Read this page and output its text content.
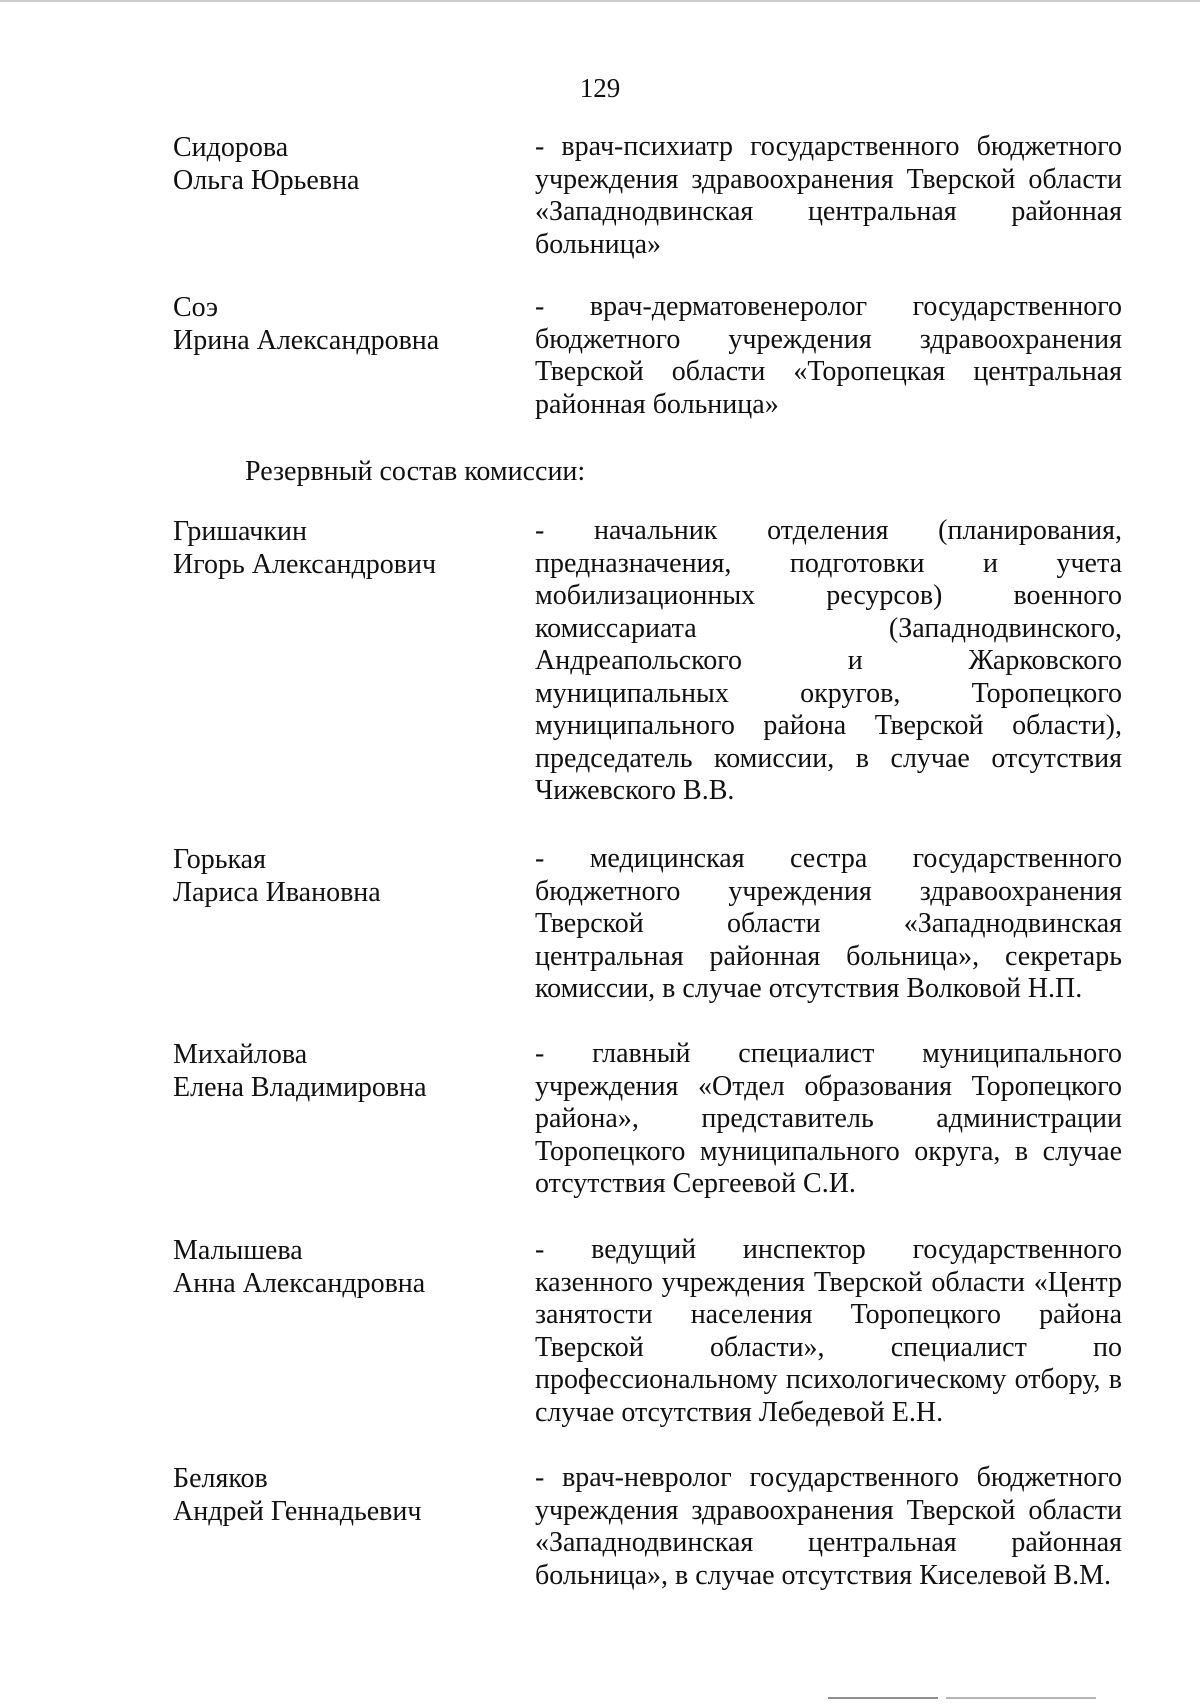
129
Сидорова
Ольга Юрьевна
- врач-психиатр государственного бюджетного учреждения здравоохранения Тверской области «Западнодвинская центральная районная больница»
Соэ
Ирина Александровна
- врач-дерматовенеролог государственного бюджетного учреждения здравоохранения Тверской области «Торопецкая центральная районная больница»
Резервный состав комиссии:
Гришачкин
Игорь Александрович
- начальник отделения (планирования, предназначения, подготовки и учета мобилизационных ресурсов) военного комиссариата (Западнодвинского, Андреапольского и Жарковского муниципальных округов, Торопецкого муниципального района Тверской области), председатель комиссии, в случае отсутствия Чижевского В.В.
Горькая
Лариса Ивановна
- медицинская сестра государственного бюджетного учреждения здравоохранения Тверской области «Западнодвинская центральная районная больница», секретарь комиссии, в случае отсутствия Волковой Н.П.
Михайлова
Елена Владимировна
- главный специалист муниципального учреждения «Отдел образования Торопецкого района», представитель администрации Торопецкого муниципального округа, в случае отсутствия Сергеевой С.И.
Малышева
Анна Александровна
- ведущий инспектор государственного казенного учреждения Тверской области «Центр занятости населения Торопецкого района Тверской области», специалист по профессиональному психологическому отбору, в случае отсутствия Лебедевой Е.Н.
Беляков
Андрей Геннадьевич
- врач-невролог государственного бюджетного учреждения здравоохранения Тверской области «Западнодвинская центральная районная больница», в случае отсутствия Киселевой В.М.
